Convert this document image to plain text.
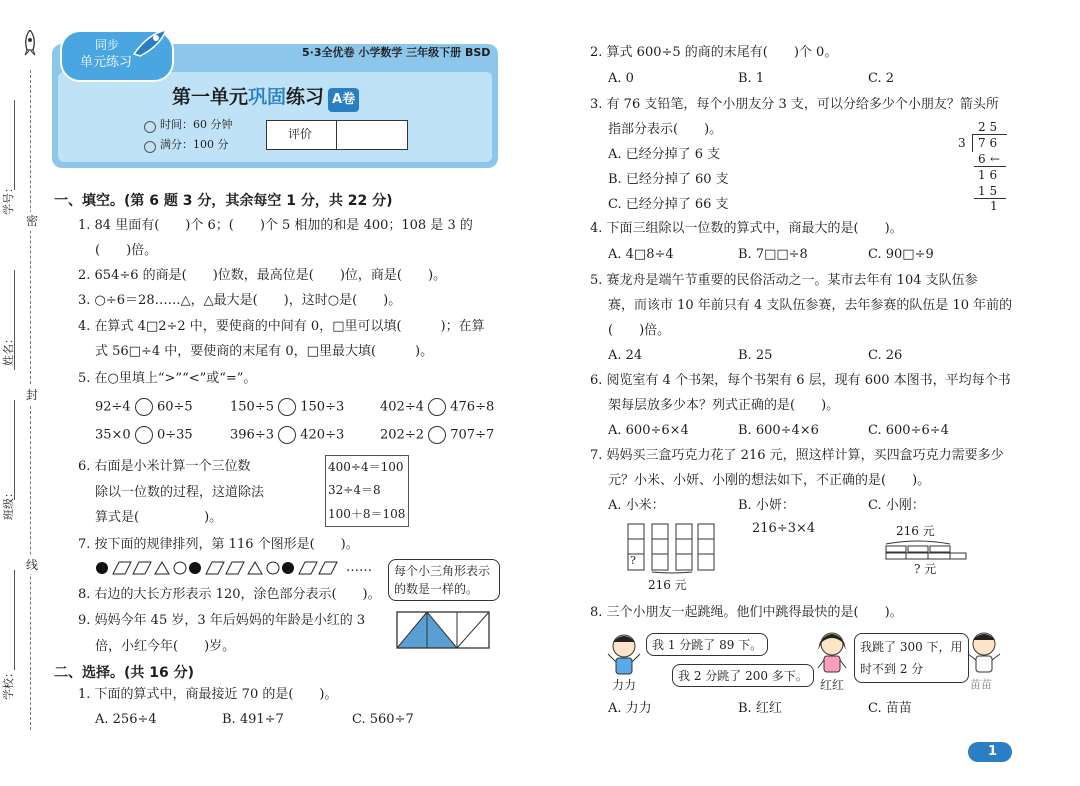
学号：
姓名：
班级：
学校：
密
封
线
同步
单元练习
5·3全优卷 小学数学 三年级下册 BSD
第一单元巩固练习 A卷
时间：60 分钟
满分：100 分
评价
一、填空。(第 6 题 3 分，其余每空 1 分，共 22 分)
1. 84 里面有(　　)个 6；(　　)个 5 相加的和是 400；108 是 3 的
(　　)倍。
2. 654÷6 的商是(　　)位数，最高位是(　　)位，商是(　　)。
3. ○÷6＝28……△，△最大是(　　)，这时○是(　　)。
4. 在算式 4□2÷2 中，要使商的中间有 0，□里可以填(　　　)；在算
式 56□÷4 中，要使商的末尾有 0，□里最大填(　　　)。
5. 在○里填上“>”“<”或“=”。
92÷4 60÷5	150÷5 150÷3	402÷4 476÷8
35×0 0÷35	396÷3 420÷3	202÷2 707÷7
6. 右面是小米计算一个三位数
除以一位数的过程，这道除法
算式是(　　　　　)。
400÷4＝100
32÷4＝8
100＋8＝108
7. 按下面的规律排列，第 116 个图形是(　　)。
……	每个小三角形表示的数是一样的。
8. 右边的大长方形表示 120，涂色部分表示(　　)。
9. 妈妈今年 45 岁，3 年后妈妈的年龄是小红的 3
倍，小红今年(　　)岁。
二、选择。(共 16 分)
1. 下面的算式中，商最接近 70 的是(　　)。
A. 256÷4	B. 491÷7	C. 560÷7
2. 算式 600÷5 的商的末尾有(　　)个 0。
A. 0	B. 1	C. 2
3. 有 76 支铅笔，每个小朋友分 3 支，可以分给多少个小朋友？箭头所
指部分表示(　　)。
A. 已经分掉了 6 支
B. 已经分掉了 60 支
C. 已经分掉了 66 支
2 5
3 7 6
6 ←
1 6
1 5
1
4. 下面三组除以一位数的算式中，商最大的是(　　)。
A. 4□8÷4	B. 7□□÷8	C. 90□÷9
5. 赛龙舟是端午节重要的民俗活动之一。某市去年有 104 支队伍参
赛，而该市 10 年前只有 4 支队伍参赛，去年参赛的队伍是 10 年前的
(　　)倍。
A. 24	B. 25	C. 26
6. 阅览室有 4 个书架，每个书架有 6 层，现有 600 本图书，平均每个书
架每层放多少本？列式正确的是(　　)。
A. 600÷6×4	B. 600÷4×6	C. 600÷6÷4
7. 妈妈买三盒巧克力花了 216 元，照这样计算，买四盒巧克力需要多少
元？小米、小妍、小刚的想法如下，不正确的是(　　)。
A. 小米：	B. 小妍：	C. 小刚：
?
216 元
216÷3×4	216 元
? 元
8. 三个小朋友一起跳绳。他们中跳得最快的是(　　)。
力力
我 1 分跳了 89 下。
我 2 分跳了 200 多下。
红红
我跳了 300 下，用
时不到 2 分
苗苗
A. 力力	B. 红红	C. 苗苗
1
